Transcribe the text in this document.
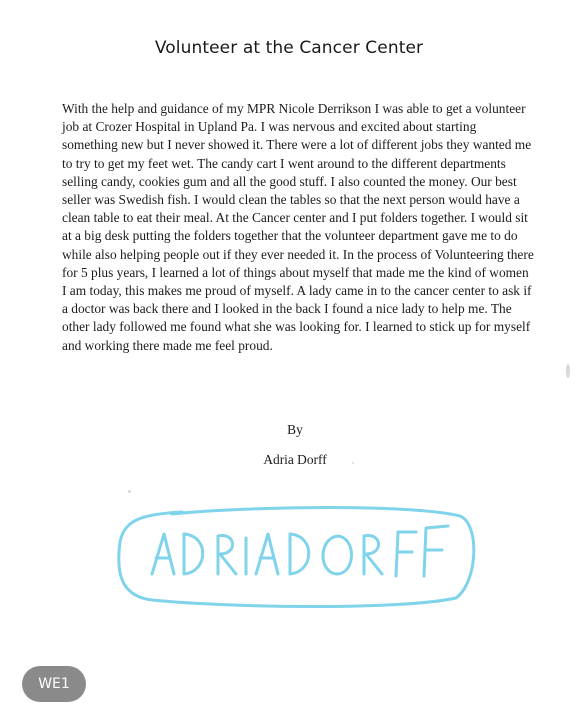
Volunteer at the Cancer Center

With the help and guidance of my MPR Nicole Derrikson I was able to get a volunteer job at Crozer Hospital in Upland Pa. I was nervous and excited about starting something new but I never showed it. There were a lot of different jobs they wanted me to try to get my feet wet. The candy cart I went around to the different departments selling candy, cookies gum and all the good stuff. I also counted the money. Our best seller was Swedish fish. I would clean the tables so that the next person would have a clean table to eat their meal. At the Cancer center and I put folders together. I would sit at a big desk putting the folders together that the volunteer department gave me to do while also helping people out if they ever needed it. In the process of Volunteering there for 5 plus years, I learned a lot of things about myself that made me the kind of women I am today, this makes me proud of myself. A lady came in to the cancer center to ask if a doctor was back there and I looked in the back I found a nice lady to help me. The other lady followed me found what she was looking for. I learned to stick up for myself and working there made me feel proud.

By
Adria Dorff
WE1
